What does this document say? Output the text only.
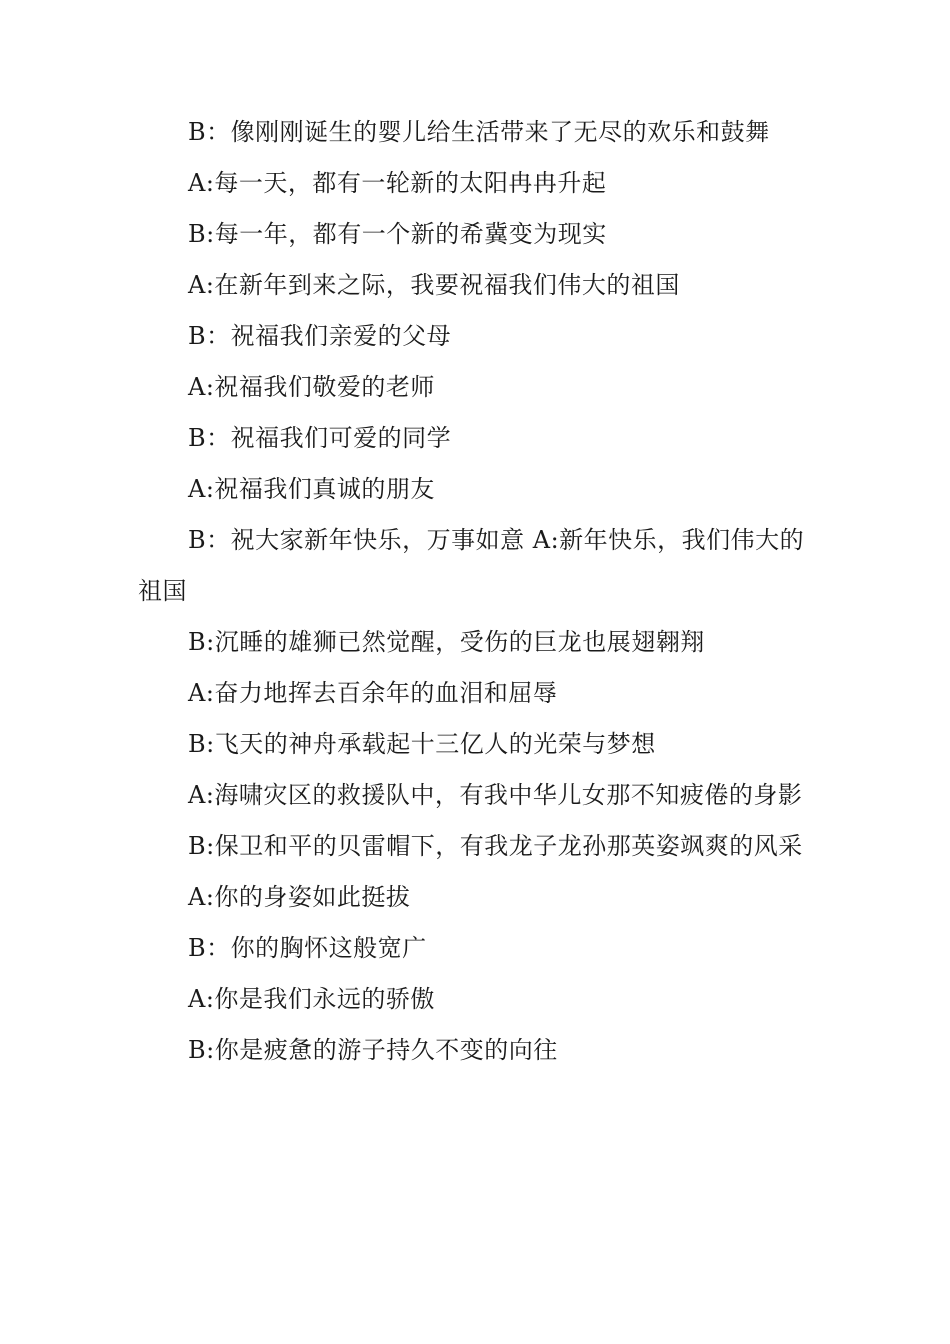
B：像刚刚诞生的婴儿给生活带来了无尽的欢乐和鼓舞

A:每一天，都有一轮新的太阳冉冉升起

B:每一年，都有一个新的希冀变为现实

A:在新年到来之际，我要祝福我们伟大的祖国

B：祝福我们亲爱的父母

A:祝福我们敬爱的老师

B：祝福我们可爱的同学

A:祝福我们真诚的朋友

B：祝大家新年快乐，万事如意 A:新年快乐，我们伟大的祖国

B:沉睡的雄狮已然觉醒，受伤的巨龙也展翅翱翔

A:奋力地挥去百余年的血泪和屈辱

B:飞天的神舟承载起十三亿人的光荣与梦想

A:海啸灾区的救援队中，有我中华儿女那不知疲倦的身影

B:保卫和平的贝雷帽下，有我龙子龙孙那英姿飒爽的风采

A:你的身姿如此挺拔

B：你的胸怀这般宽广

A:你是我们永远的骄傲

B:你是疲惫的游子持久不变的向往
